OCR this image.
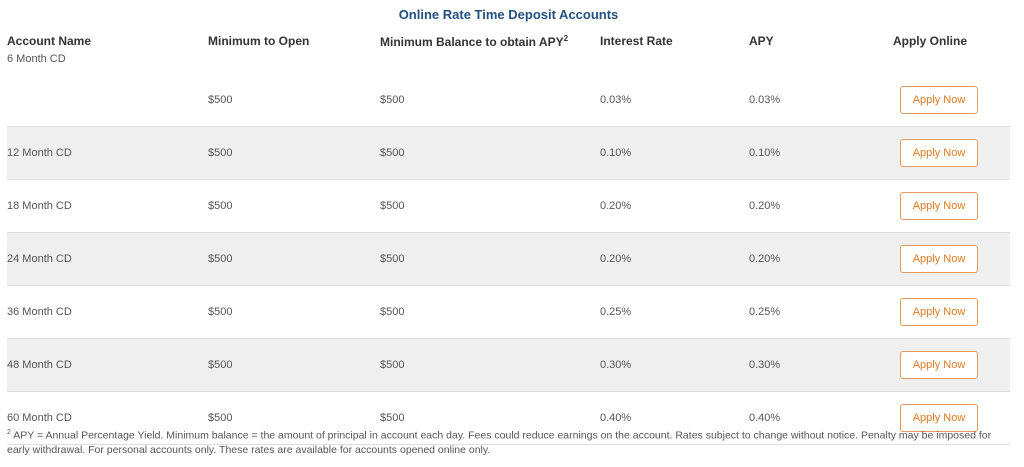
Online Rate Time Deposit Accounts
Account Name	Minimum to Open	Minimum Balance to obtain APY$^2$	Interest Rate	APY	Apply Online
6 Month CD	$500	$500	0.03%	0.03%	Apply Now
12 Month CD	$500	$500	0.10%	0.10%	Apply Now
18 Month CD	$500	$500	0.20%	0.20%	Apply Now
24 Month CD	$500	$500	0.20%	0.20%	Apply Now
36 Month CD	$500	$500	0.25%	0.25%	Apply Now
48 Month CD	$500	$500	0.30%	0.30%	Apply Now
60 Month CD	$500	$500	0.40%	0.40%	Apply Now
$^2$ APY = Annual Percentage Yield. Minimum balance = the amount of principal in account each day. Fees could reduce earnings on the account. Rates subject to change without notice. Penalty may be imposed for early withdrawal. For personal accounts only. These rates are available for accounts opened online only.
